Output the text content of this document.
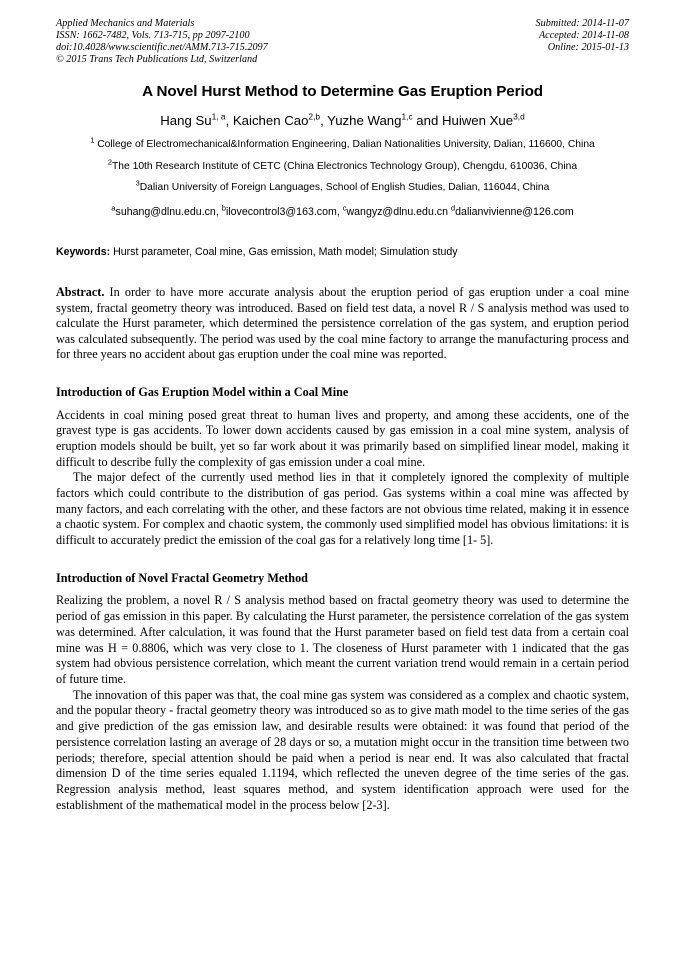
Applied Mechanics and Materials
ISSN: 1662-7482, Vols. 713-715, pp 2097-2100
doi:10.4028/www.scientific.net/AMM.713-715.2097
© 2015 Trans Tech Publications Ltd, Switzerland
Submitted: 2014-11-07
Accepted: 2014-11-08
Online: 2015-01-13
A Novel Hurst Method to Determine Gas Eruption Period
Hang Su$^{1, a}$, Kaichen Cao$^{2,b}$, Yuzhe Wang$^{1,c}$ and Huiwen Xue$^{3,d}$
$^1$ College of Electromechanical&Information Engineering, Dalian Nationalities University, Dalian, 116600, China
$^2$The 10th Research Institute of CETC (China Electronics Technology Group), Chengdu, 610036, China
$^3$Dalian University of Foreign Languages, School of English Studies, Dalian, 116044, China
$^a$suhang@dlnu.edu.cn, $^b$ilovecontrol3@163.com, $^c$wangyz@dlnu.edu.cn $^d$dalianvivienne@126.com
Keywords: Hurst parameter, Coal mine, Gas emission, Math model; Simulation study
Abstract. In order to have more accurate analysis about the eruption period of gas eruption under a coal mine system, fractal geometry theory was introduced. Based on field test data, a novel R / S analysis method was used to calculate the Hurst parameter, which determined the persistence correlation of the gas system, and eruption period was calculated subsequently. The period was used by the coal mine factory to arrange the manufacturing process and for three years no accident about gas eruption under the coal mine was reported.
Introduction of Gas Eruption Model within a Coal Mine

Accidents in coal mining posed great threat to human lives and property, and among these accidents, one of the gravest type is gas accidents. To lower down accidents caused by gas emission in a coal mine system, analysis of eruption models should be built, yet so far work about it was primarily based on simplified linear model, making it difficult to describe fully the complexity of gas emission under a coal mine.

The major defect of the currently used method lies in that it completely ignored the complexity of multiple factors which could contribute to the distribution of gas period. Gas systems within a coal mine was affected by many factors, and each correlating with the other, and these factors are not obvious time related, making it in essence a chaotic system. For complex and chaotic system, the commonly used simplified model has obvious limitations: it is difficult to accurately predict the emission of the coal gas for a relatively long time [1- 5].

Introduction of Novel Fractal Geometry Method

Realizing the problem, a novel R / S analysis method based on fractal geometry theory was used to determine the period of gas emission in this paper. By calculating the Hurst parameter, the persistence correlation of the gas system was determined. After calculation, it was found that the Hurst parameter based on field test data from a certain coal mine was H = 0.8806, which was very close to 1. The closeness of Hurst parameter with 1 indicated that the gas system had obvious persistence correlation, which meant the current variation trend would remain in a certain period of future time.

The innovation of this paper was that, the coal mine gas system was considered as a complex and chaotic system, and the popular theory - fractal geometry theory was introduced so as to give math model to the time series of the gas and give prediction of the gas emission law, and desirable results were obtained: it was found that period of the persistence correlation lasting an average of 28 days or so, a mutation might occur in the transition time between two periods; therefore, special attention should be paid when a period is near end. It was also calculated that fractal dimension D of the time series equaled 1.1194, which reflected the uneven degree of the time series of the gas. Regression analysis method, least squares method, and system identification approach were used for the establishment of the mathematical model in the process below [2-3].
